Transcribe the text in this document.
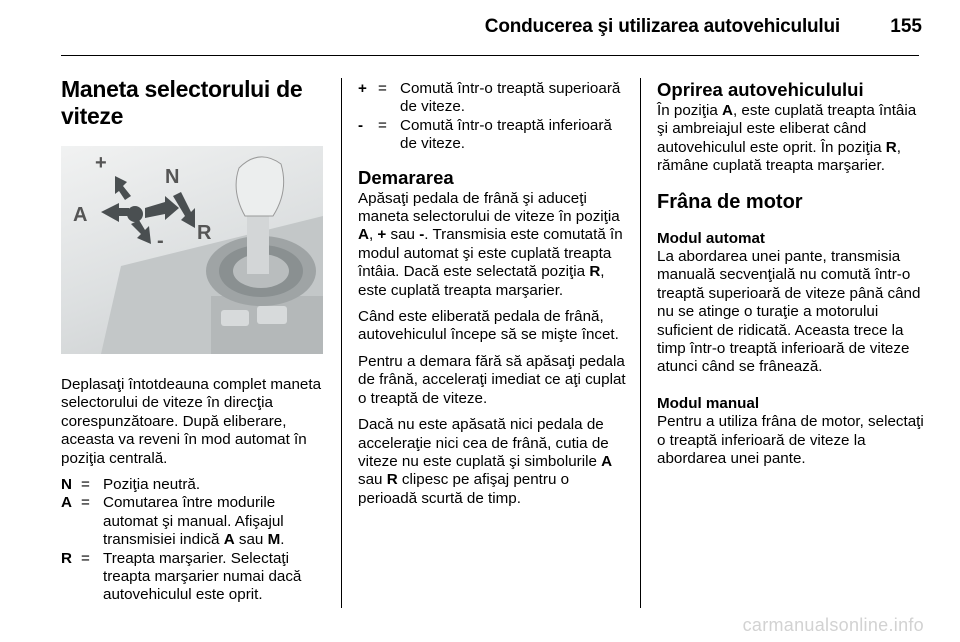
Conducerea şi utilizarea autovehiculului	155
Maneta selectorului de viteze
+
N
A
R
-

Deplasaţi întotdeauna complet maneta selectorului de viteze în direcţia corespunzătoare. După eliberare, aceasta va reveni în mod automat în poziţia centrală.

N = Poziţia neutră.
A = Comutarea între modurile automat şi manual. Afişajul transmisiei indică A sau M.
R = Treapta marşarier. Selectaţi treapta marşarier numai dacă autovehiculul este oprit.
+ = Comută într-o treaptă superioară de viteze.
- = Comută într-o treaptă inferioară de viteze.
Demararea

Apăsaţi pedala de frână şi aduceţi maneta selectorului de viteze în poziţia A, + sau -. Transmisia este comutată în modul automat şi este cuplată treapta întâia. Dacă este selectată poziţia R, este cuplată treapta marşarier.

Când este eliberată pedala de frână, autovehiculul începe să se mişte încet.

Pentru a demara fără să apăsaţi pedala de frână, acceleraţi imediat ce aţi cuplat o treaptă de viteze.

Dacă nu este apăsată nici pedala de acceleraţie nici cea de frână, cutia de viteze nu este cuplată şi simbolurile A sau R clipesc pe afişaj pentru o perioadă scurtă de timp.

Oprirea autovehiculului

În poziţia A, este cuplată treapta întâia şi ambreiajul este eliberat când autovehiculul este oprit. În poziţia R, rămâne cuplată treapta marşarier.

Frâna de motor
Modul automat

La abordarea unei pante, transmisia manuală secvenţială nu comută într-o treaptă superioară de viteze până când nu se atinge o turaţie a motorului suficient de ridicată. Aceasta trece la timp într-o treaptă inferioară de viteze atunci când se frânează.

Modul manual

Pentru a utiliza frâna de motor, selectaţi o treaptă inferioară de viteze la abordarea unei pante.

carmanualsonline.info
